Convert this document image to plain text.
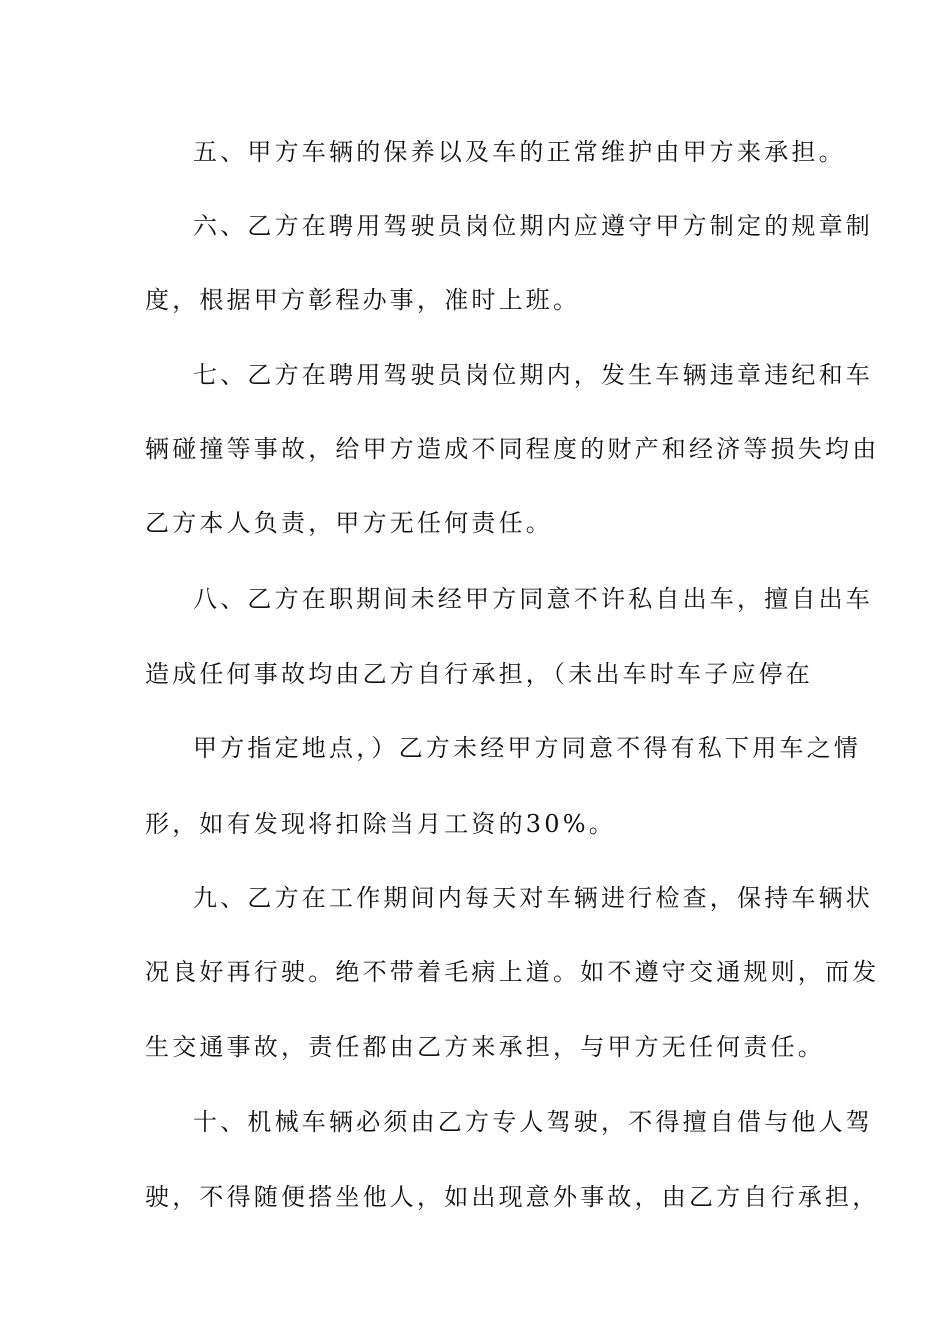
五、甲方车辆的保养以及车的正常维护由甲方来承担。
六、乙方在聘用驾驶员岗位期内应遵守甲方制定的规章制
度，根据甲方彰程办事，准时上班。
七、乙方在聘用驾驶员岗位期内，发生车辆违章违纪和车
辆碰撞等事故，给甲方造成不同程度的财产和经济等损失均由
乙方本人负责，甲方无任何责任。
八、乙方在职期间未经甲方同意不许私自出车，擅自出车
造成任何事故均由乙方自行承担，（未出车时车子应停在
甲方指定地点，）乙方未经甲方同意不得有私下用车之情
形，如有发现将扣除当月工资的30%。
九、乙方在工作期间内每天对车辆进行检查，保持车辆状
况良好再行驶。绝不带着毛病上道。如不遵守交通规则，而发
生交通事故，责任都由乙方来承担，与甲方无任何责任。
十、机械车辆必须由乙方专人驾驶，不得擅自借与他人驾
驶，不得随便搭坐他人，如出现意外事故，由乙方自行承担，
